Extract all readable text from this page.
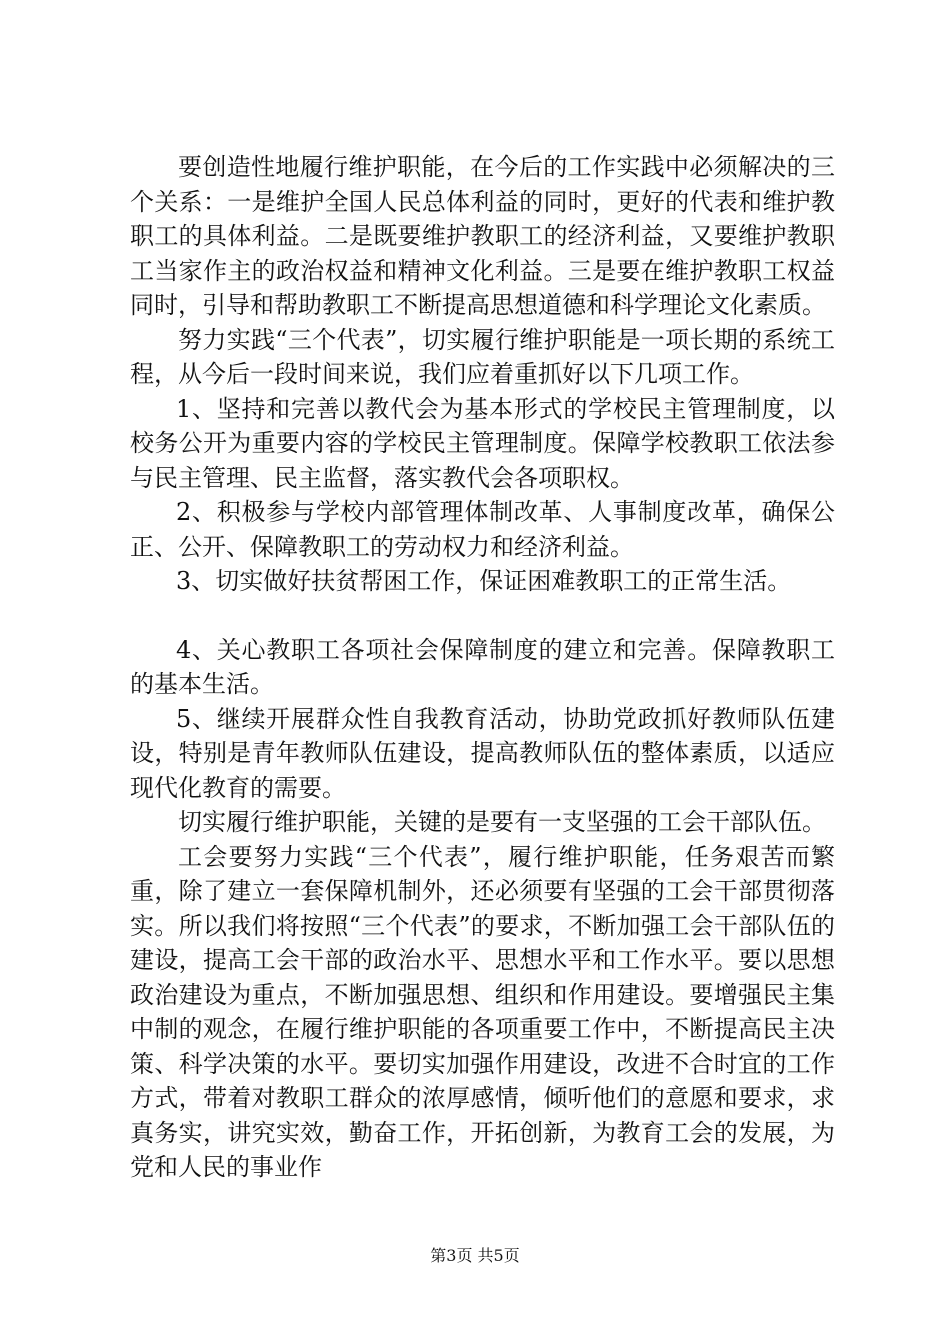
要创造性地履行维护职能，在今后的工作实践中必须解决的三个关系：一是维护全国人民总体利益的同时，更好的代表和维护教职工的具体利益。二是既要维护教职工的经济利益，又要维护教职工当家作主的政治权益和精神文化利益。三是要在维护教职工权益同时，引导和帮助教职工不断提高思想道德和科学理论文化素质。

努力实践“三个代表”，切实履行维护职能是一项长期的系统工程，从今后一段时间来说，我们应着重抓好以下几项工作。

1、坚持和完善以教代会为基本形式的学校民主管理制度，以校务公开为重要内容的学校民主管理制度。保障学校教职工依法参与民主管理、民主监督，落实教代会各项职权。

2、积极参与学校内部管理体制改革、人事制度改革，确保公正、公开、保障教职工的劳动权力和经济利益。

3、切实做好扶贫帮困工作，保证困难教职工的正常生活。

4、关心教职工各项社会保障制度的建立和完善。保障教职工的基本生活。

5、继续开展群众性自我教育活动，协助党政抓好教师队伍建设，特别是青年教师队伍建设，提高教师队伍的整体素质，以适应现代化教育的需要。

切实履行维护职能，关键的是要有一支坚强的工会干部队伍。

工会要努力实践“三个代表”，履行维护职能，任务艰苦而繁重，除了建立一套保障机制外，还必须要有坚强的工会干部贯彻落实。所以我们将按照“三个代表”的要求，不断加强工会干部队伍的建设，提高工会干部的政治水平、思想水平和工作水平。要以思想政治建设为重点，不断加强思想、组织和作用建设。要增强民主集中制的观念，在履行维护职能的各项重要工作中，不断提高民主决策、科学决策的水平。要切实加强作用建设，改进不合时宜的工作方式，带着对教职工群众的浓厚感情，倾听他们的意愿和要求，求真务实，讲究实效，勤奋工作，开拓创新，为教育工会的发展，为党和人民的事业作

第3页 共5页
